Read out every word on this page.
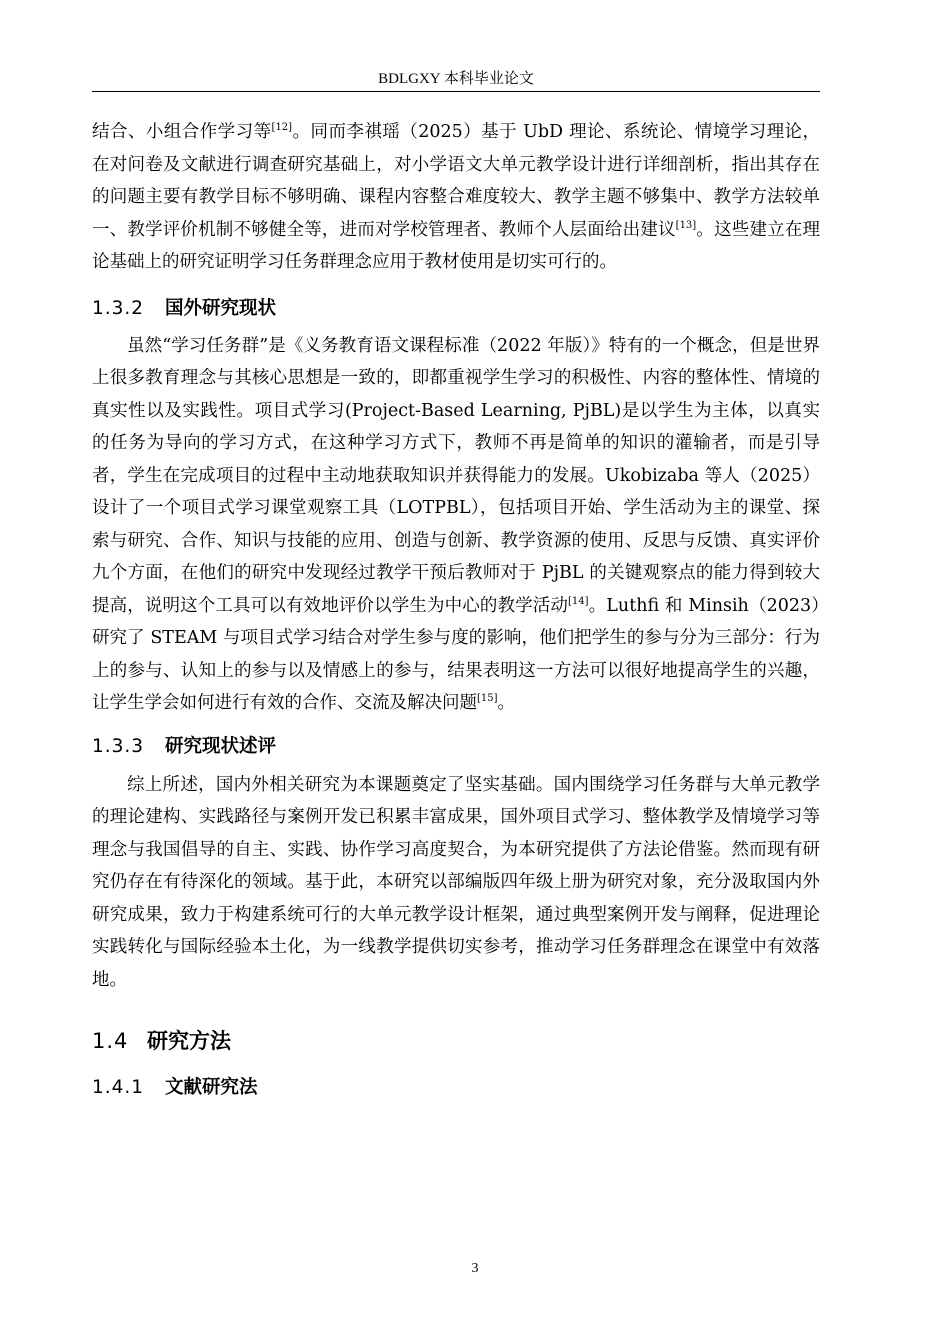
BDLGXY 本科毕业论文

结合、小组合作学习等[12]。同而李祺瑶（2025）基于 UbD 理论、系统论、情境学习理论，在对问卷及文献进行调查研究基础上，对小学语文大单元教学设计进行详细剖析，指出其存在的问题主要有教学目标不够明确、课程内容整合难度较大、教学主题不够集中、教学方法较单一、教学评价机制不够健全等，进而对学校管理者、教师个人层面给出建议[13]。这些建立在理论基础上的研究证明学习任务群理念应用于教材使用是切实可行的。

1.3.2	国外研究现状

虽然“学习任务群”是《义务教育语文课程标准（2022 年版）》特有的一个概念，但是世界上很多教育理念与其核心思想是一致的，即都重视学生学习的积极性、内容的整体性、情境的真实性以及实践性。项目式学习(Project-Based Learning, PjBL)是以学生为主体，以真实的任务为导向的学习方式，在这种学习方式下，教师不再是简单的知识的灌输者，而是引导者，学生在完成项目的过程中主动地获取知识并获得能力的发展。Ukobizaba 等人（2025）设计了一个项目式学习课堂观察工具（LOTPBL），包括项目开始、学生活动为主的课堂、探索与研究、合作、知识与技能的应用、创造与创新、教学资源的使用、反思与反馈、真实评价九个方面，在他们的研究中发现经过教学干预后教师对于 PjBL 的关键观察点的能力得到较大提高，说明这个工具可以有效地评价以学生为中心的教学活动[14]。Luthfi 和 Minsih（2023）研究了 STEAM 与项目式学习结合对学生参与度的影响，他们把学生的参与分为三部分：行为上的参与、认知上的参与以及情感上的参与，结果表明这一方法可以很好地提高学生的兴趣，让学生学会如何进行有效的合作、交流及解决问题[15]。

1.3.3	研究现状述评

综上所述，国内外相关研究为本课题奠定了坚实基础。国内围绕学习任务群与大单元教学的理论建构、实践路径与案例开发已积累丰富成果，国外项目式学习、整体教学及情境学习等理念与我国倡导的自主、实践、协作学习高度契合，为本研究提供了方法论借鉴。然而现有研究仍存在有待深化的领域。基于此，本研究以部编版四年级上册为研究对象，充分汲取国内外研究成果，致力于构建系统可行的大单元教学设计框架，通过典型案例开发与阐释，促进理论实践转化与国际经验本土化，为一线教学提供切实参考，推动学习任务群理念在课堂中有效落地。

1.4 研究方法
1.4.1	文献研究法
3
